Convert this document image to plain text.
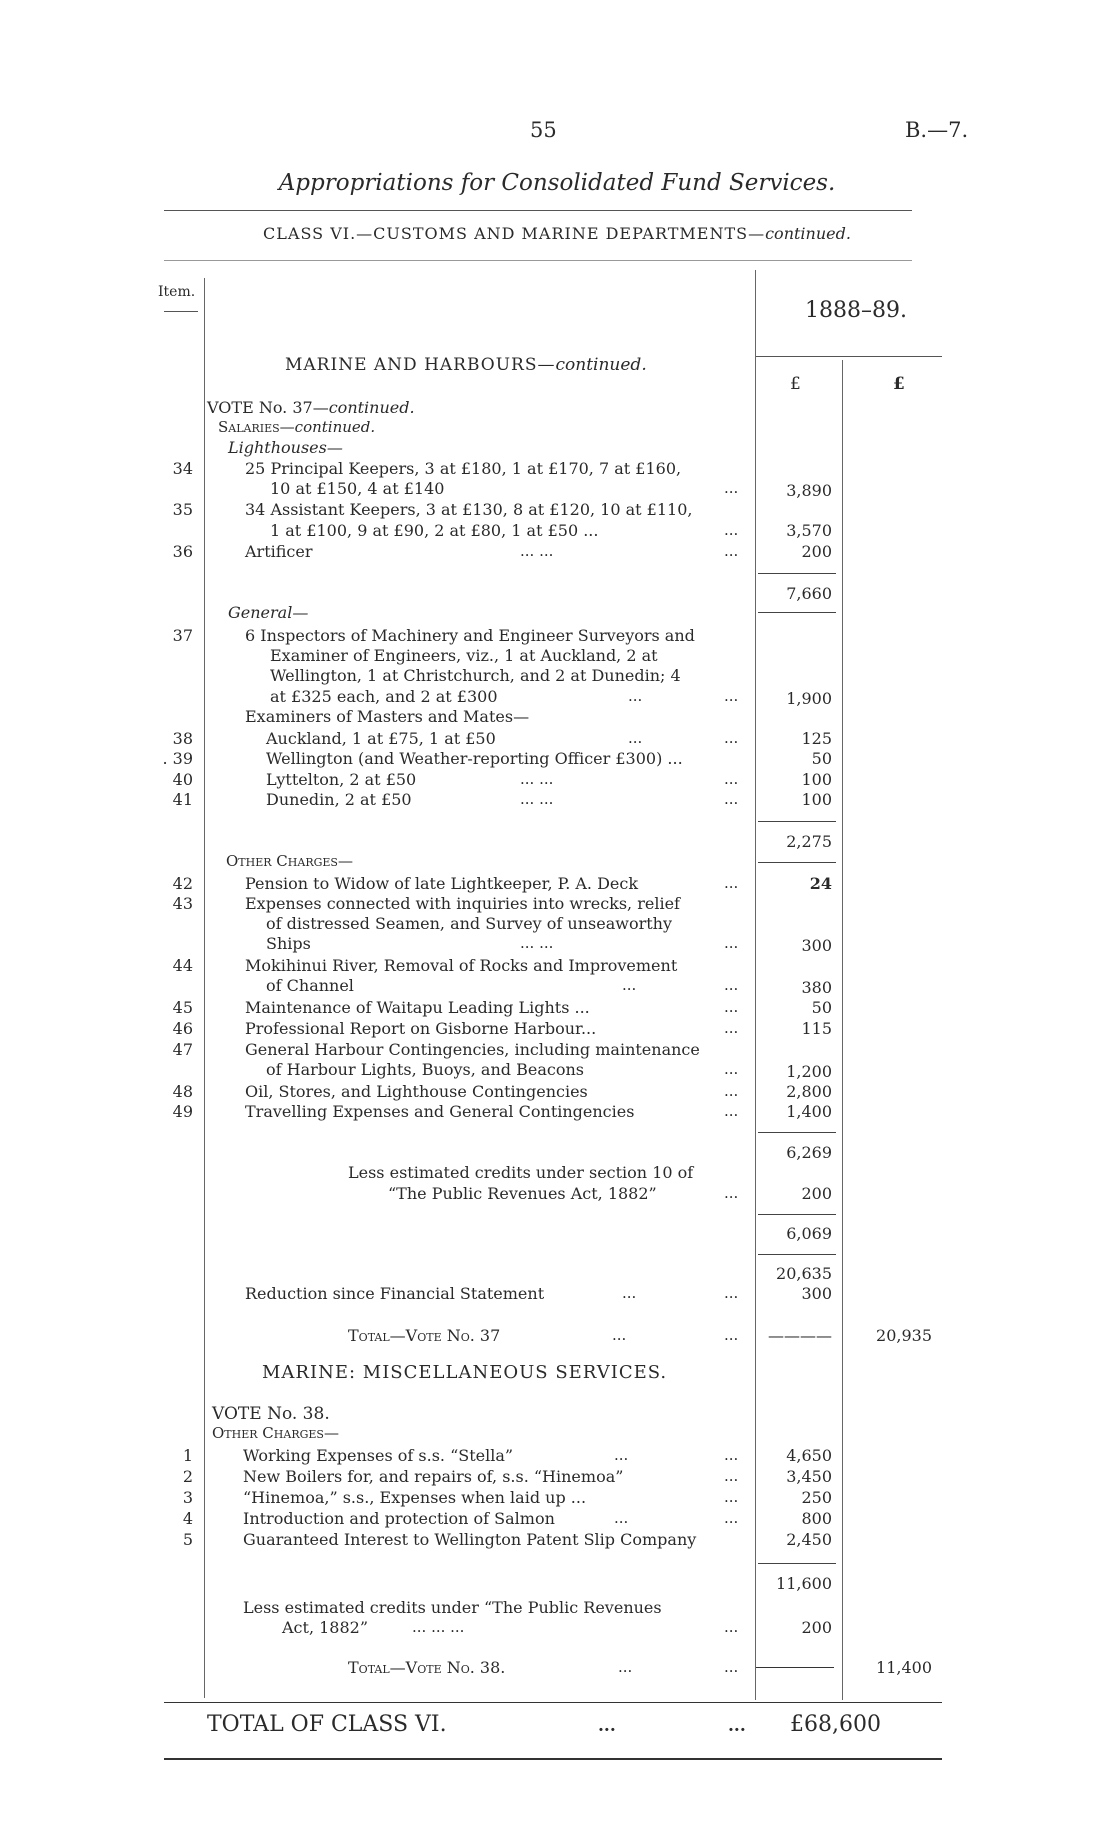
55	B.—7.
Appropriations for Consolidated Fund Services.
CLASS VI.—CUSTOMS AND MARINE DEPARTMENTS—continued.
Item.
1888–89.
£	£
MARINE AND HARBOURS—continued.
VOTE No. 37—continued.
Salaries—continued.
Lighthouses—
34	25 Principal Keepers, 3 at £180, 1 at £170, 7 at £160,
10 at £150, 4 at £140	...	3,890
35	34 Assistant Keepers, 3 at £130, 8 at £120, 10 at £110,
1 at £100, 9 at £90, 2 at £80, 1 at £50 ...	...	3,570
36	Artificer	... ...	...	200
7,660
General—
37	6 Inspectors of Machinery and Engineer Surveyors and
Examiner of Engineers, viz., 1 at Auckland, 2 at
Wellington, 1 at Christchurch, and 2 at Dunedin; 4
at £325 each, and 2 at £300	...	...	1,900
Examiners of Masters and Mates—
38	Auckland, 1 at £75, 1 at £50	...	...	125
. 39	Wellington (and Weather-reporting Officer £300) ...	50
40	Lyttelton, 2 at £50	... ...	...	100
41	Dunedin, 2 at £50	... ...	...	100
2,275
Other Charges—
42	Pension to Widow of late Lightkeeper, P. A. Deck	...	24
43	Expenses connected with inquiries into wrecks, relief
of distressed Seamen, and Survey of unseaworthy
Ships	... ...	...	300
44	Mokihinui River, Removal of Rocks and Improvement
of Channel	...	...	380
45	Maintenance of Waitapu Leading Lights ...	...	50
46	Professional Report on Gisborne Harbour...	...	115
47	General Harbour Contingencies, including maintenance
of Harbour Lights, Buoys, and Beacons	...	1,200
48	Oil, Stores, and Lighthouse Contingencies	...	2,800
49	Travelling Expenses and General Contingencies	...	1,400
6,269
Less estimated credits under section 10 of
“The Public Revenues Act, 1882”	...	200
6,069
20,635
Reduction since Financial Statement	...	...	300
Total—Vote No. 37	...	...	————	20,935
MARINE: MISCELLANEOUS SERVICES.
VOTE No. 38.
Other Charges—
1	Working Expenses of s.s. “Stella”	...	...	4,650
2	New Boilers for, and repairs of, s.s. “Hinemoa”	...	3,450
3	“Hinemoa,” s.s., Expenses when laid up ...	...	250
4	Introduction and protection of Salmon	...	...	800
5	Guaranteed Interest to Wellington Patent Slip Company	2,450
11,600
Less estimated credits under “The Public Revenues
Act, 1882”	... ... ...	...	200
Total—Vote No. 38.	...	...	11,400
TOTAL OF CLASS VI.	...	... £68,600
